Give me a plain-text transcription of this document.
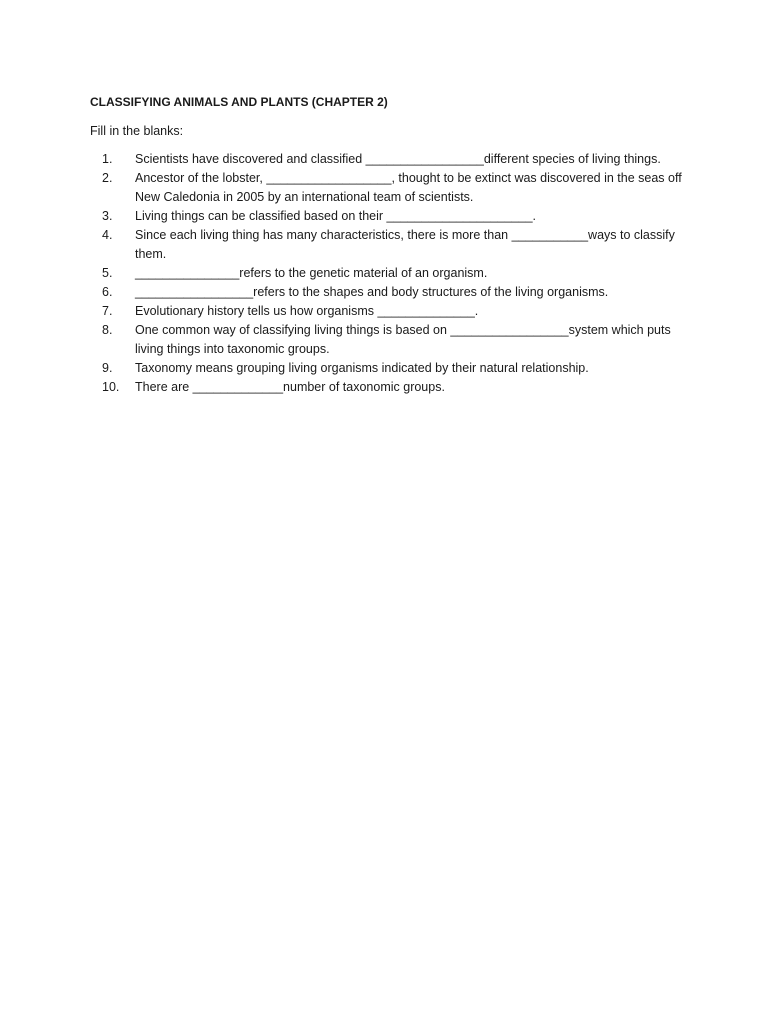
CLASSIFYING ANIMALS AND PLANTS (CHAPTER 2)

Fill in the blanks:

1.	Scientists have discovered and classified _________________different species of living things.
2.	Ancestor of the lobster, __________________, thought to be extinct was discovered in the seas off New Caledonia in 2005 by an international team of scientists.
3.	Living things can be classified based on their _____________________.
4.	Since each living thing has many characteristics, there is more than ___________ways to classify them.
5.	_______________refers to the genetic material of an organism.
6.	_________________refers to the shapes and body structures of the living organisms.
7.	Evolutionary history tells us how organisms ______________.
8.	One common way of classifying living things is based on _________________system which puts living things into taxonomic groups.
9.	Taxonomy means grouping living organisms indicated by their natural relationship.
10.	There are _____________number of taxonomic groups.
